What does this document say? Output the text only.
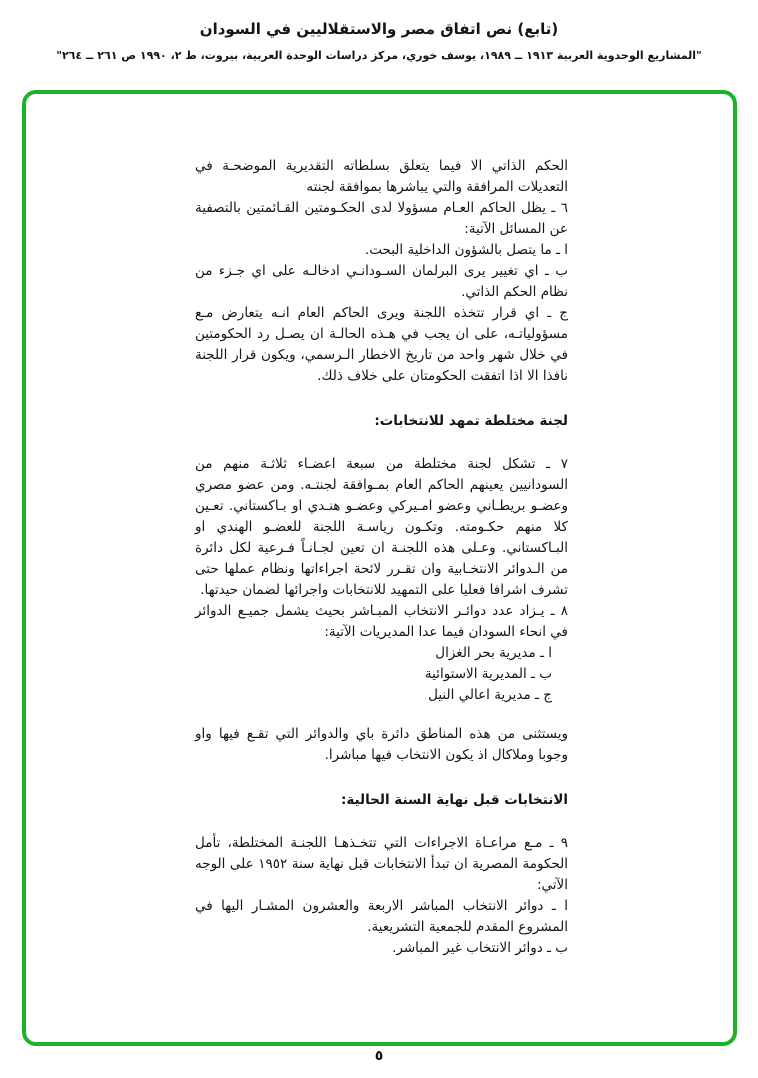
(تابع) نص اتفاق مصر والاستقلاليين في السودان
"المشاريع الوحدوية العربية ١٩١٣ ــ ١٩٨٩، يوسف خوري، مركز دراسات الوحدة العربية، بيروت، ط ٢، ١٩٩٠ ص ٢٦١ ــ ٢٦٤"

الحكم الذاتي الا فيما يتعلق بسلطاته التقديرية الموضحـة في التعديلات المرافقة والتي يباشرها بموافقة لجنته

٦ ـ يظل الحاكم العـام مسؤولا لدى الحكـومتين القـائمتين بالتصفية عن المسائل الآتية:

ا ـ ما يتصل بالشؤون الداخلية البحت.

ب ـ اي تغيير يرى البرلمان السـودانـي ادخالـه على اي جـزء من نظام الحكم الذاتي.

ج ـ اي قرار تتخذه اللجنة ويرى الحاكم العام انـه يتعارض مـع مسؤولياتـه، على ان يجب في هـذه الحالـة ان يصـل رد الحكومتين في خلال شهر واحد من تاريخ الاخطار الـرسمي، ويكون قرار اللجنة نافذا الا اذا اتفقت الحكومتان على خلاف ذلك.

لجنة مختلطة تمهد للانتخابات:

٧ ـ تشكل لجنة مختلطة من سبعة اعضـاء ثلاثـة منهم من السودانيين يعينهم الحاكم العام بمـوافقة لجنتـه. ومن عضو مصري وعضـو بريطـاني وعضو امـيركي وعضـو هنـدي او بـاكستاني. تعـين كلا منهم حكـومته. وتكـون رياسـة اللجنة للعضـو الهندي او البـاكستاني. وعـلى هذه اللجنـة ان تعين لجـانـاً فـرعية لكل دائرة من الـدوائر الانتخـابية وان تقـرر لائحة اجراءاتها ونظام عملها حتى تشرف اشرافا فعليا على التمهيد للانتخابات واجرائها لضمان حيدتها.

٨ ـ يـزاد عدد دوائـر الانتخاب المبـاشر بحيث يشمل جميـع الدوائر في انحاء السودان فيما عدا المديريات الآتية:

ا ـ مديرية بحر الغزال

ب ـ المديرية الاستوائية

ج ـ مديرية اعالي النيل

ويستثنى من هذه المناطق دائرة باي والدوائر التي تقـع فيها واو وجوبا وملاكال اذ يكون الانتخاب فيها مباشرا.

الانتخابات قبل نهاية السنة الحالية:

٩ ـ مـع مراعـاة الاجراءات التي تتخـذهـا اللجنـة المختلطة، تأمل الحكومة المصرية ان تبدأ الانتخابات قبل نهاية سنة ١٩٥٢ على الوجه الآتي:

ا ـ دوائر الانتخاب المباشر الاربعة والعشرون المشـار اليها في المشروع المقدم للجمعية التشريعية.

ب ـ دوائر الانتخاب غير المباشر.

٥
